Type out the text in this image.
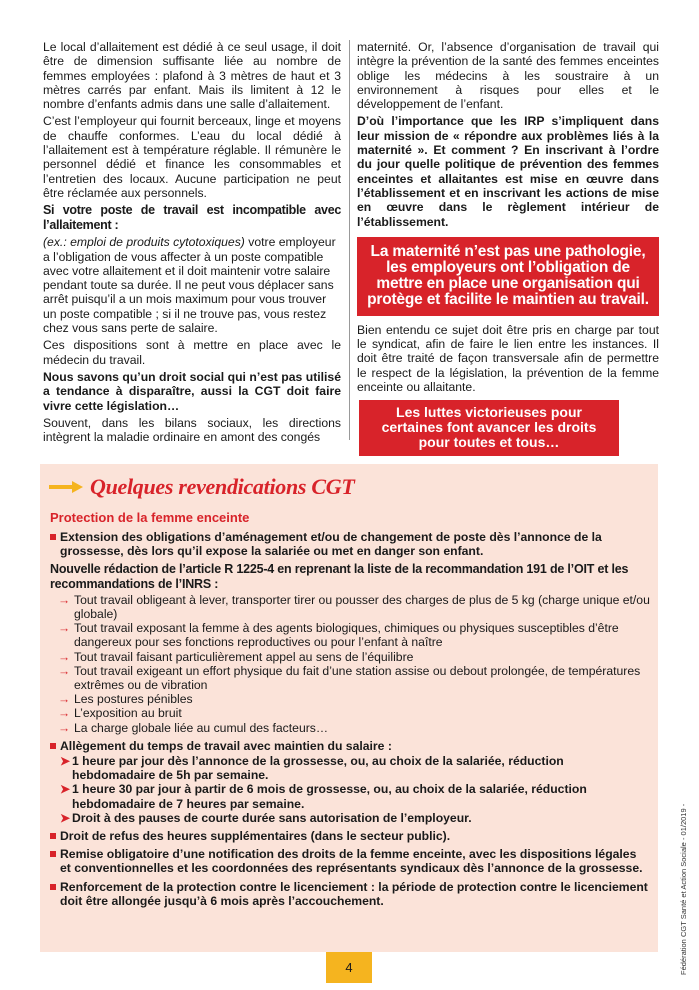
Le local d’allaitement est dédié à ce seul usage, il doit être de dimension suffisante liée au nombre de femmes employées : plafond à 3 mètres de haut et 3 mètres carrés par enfant. Mais ils limitent à 12 le nombre d’enfants admis dans une salle d’allaitement.

C’est l’employeur qui fournit berceaux, linge et moyens de chauffe conformes. L’eau du local dédié à l’allaitement est à température réglable. Il rémunère le personnel dédié et finance les consommables et l’entretien des locaux. Aucune participation ne peut être réclamée aux personnels.

Si votre poste de travail est incompatible avec l’allaitement :

(ex.: emploi de produits cytotoxiques) votre employeur a l’obligation de vous affecter à un poste compatible avec votre allaitement et il doit maintenir votre salaire pendant toute sa durée. Il ne peut vous déplacer sans arrêt puisqu’il a un mois maximum pour vous trouver un poste compatible ; si il ne trouve pas, vous restez chez vous sans perte de salaire.

Ces dispositions sont à mettre en place avec le médecin du travail.

Nous savons qu’un droit social qui n’est pas utilisé a tendance à disparaître, aussi la CGT doit faire vivre cette législation…

Souvent, dans les bilans sociaux, les directions intègrent la maladie ordinaire en amont des congés

maternité. Or, l’absence d’organisation de travail qui intègre la prévention de la santé des femmes enceintes oblige les médecins à les soustraire à un environnement à risques pour elles et le développement de l’enfant.

D’où l’importance que les IRP s’impliquent dans leur mission de « répondre aux problèmes liés à la maternité ». Et comment ? En inscrivant à l’ordre du jour quelle politique de prévention des femmes enceintes et allaitantes est mise en œuvre dans l’établissement et en inscrivant les actions de mise en œuvre dans le règlement intérieur de l’établissement.

La maternité n’est pas une pathologie, les employeurs ont l’obligation de mettre en place une organisation qui protège et facilite le maintien au travail.

Bien entendu ce sujet doit être pris en charge par tout le syndicat, afin de faire le lien entre les instances. Il doit être traité de façon transversale afin de permettre le respect de la législation, la prévention de la femme enceinte ou allaitante.

Les luttes victorieuses pour certaines font avancer les droits pour toutes et tous…
Quelques revendications CGT
Protection de la femme enceinte
Extension des obligations d’aménagement et/ou de changement de poste dès l’annonce de la grossesse, dès lors qu’il expose la salariée ou met en danger son enfant.
Nouvelle rédaction de l’article R 1225-4 en reprenant la liste de la recommandation 191 de l’OIT et les recommandations de l’INRS :
→ Tout travail obligeant à lever, transporter tirer ou pousser des charges de plus de 5 kg (charge unique et/ou globale)
→ Tout travail exposant la femme à des agents biologiques, chimiques ou physiques susceptibles d’être dangereux pour ses fonctions reproductives ou pour l’enfant à naître
→ Tout travail faisant particulièrement appel au sens de l’équilibre
→ Tout travail exigeant un effort physique du fait d’une station assise ou debout prolongée, de températures extrêmes ou de vibration
→ Les postures pénibles
→ L’exposition au bruit
→ La charge globale liée au cumul des facteurs…
Allègement du temps de travail avec maintien du salaire :
➤ 1 heure par jour dès l’annonce de la grossesse, ou, au choix de la salariée, réduction hebdomadaire de 5h par semaine.
➤ 1 heure 30 par jour à partir de 6 mois de grossesse, ou, au choix de la salariée, réduction hebdomadaire de 7 heures par semaine.
➤ Droit à des pauses de courte durée sans autorisation de l’employeur.
Droit de refus des heures supplémentaires (dans le secteur public).
Remise obligatoire d’une notification des droits de la femme enceinte, avec les dispositions légales et conventionnelles et les coordonnées des représentants syndicaux dès l’annonce de la grossesse.
Renforcement de la protection contre le licenciement : la période de protection contre le licenciement doit être allongée jusqu’à 6 mois après l’accouchement.
4	Fédération CGT Santé et Action Sociale - 01/2019 -
